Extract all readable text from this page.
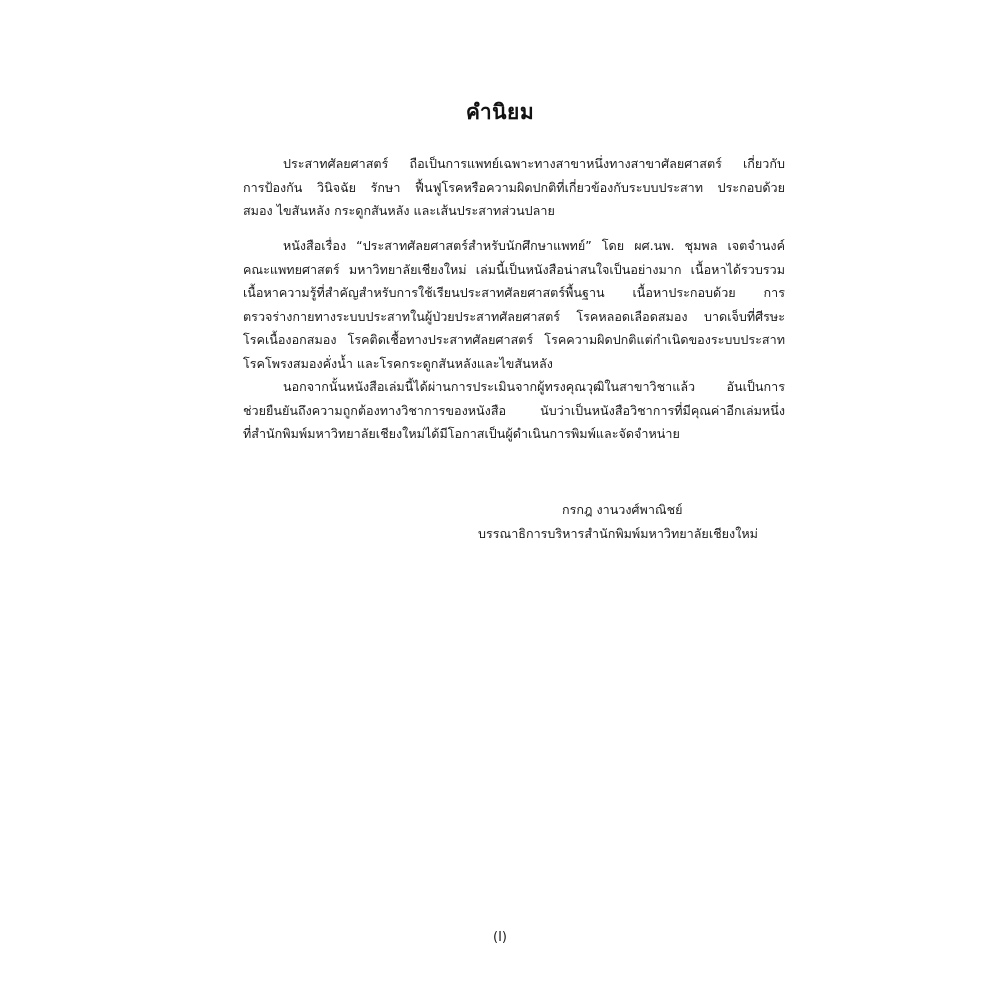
คำนิยม
ประสาทศัลยศาสตร์ ถือเป็นการแพทย์เฉพาะทางสาขาหนึ่งทางสาขาศัลยศาสตร์ เกี่ยวกับ
การป้องกัน วินิจฉัย รักษา ฟื้นฟูโรคหรือความผิดปกติที่เกี่ยวข้องกับระบบประสาท ประกอบด้วย
สมอง ไขสันหลัง กระดูกสันหลัง และเส้นประสาทส่วนปลาย
หนังสือเรื่อง “ประสาทศัลยศาสตร์สำหรับนักศึกษาแพทย์” โดย ผศ.นพ. ชุมพล เจตจำนงค์
คณะแพทยศาสตร์ มหาวิทยาลัยเชียงใหม่ เล่มนี้เป็นหนังสือน่าสนใจเป็นอย่างมาก เนื้อหาได้รวบรวม
เนื้อหาความรู้ที่สำคัญสำหรับการใช้เรียนประสาทศัลยศาสตร์พื้นฐาน เนื้อหาประกอบด้วย การ
ตรวจร่างกายทางระบบประสาทในผู้ป่วยประสาทศัลยศาสตร์ โรคหลอดเลือดสมอง บาดเจ็บที่ศีรษะ
โรคเนื้องอกสมอง โรคติดเชื้อทางประสาทศัลยศาสตร์ โรคความผิดปกติแต่กำเนิดของระบบประสาท
โรคโพรงสมองคั่งน้ำ และโรคกระดูกสันหลังและไขสันหลัง
นอกจากนั้นหนังสือเล่มนี้ได้ผ่านการประเมินจากผู้ทรงคุณวุฒิในสาขาวิชาแล้ว อันเป็นการ
ช่วยยืนยันถึงความถูกต้องทางวิชาการของหนังสือ นับว่าเป็นหนังสือวิชาการที่มีคุณค่าอีกเล่มหนึ่ง
ที่สำนักพิมพ์มหาวิทยาลัยเชียงใหม่ได้มีโอกาสเป็นผู้ดำเนินการพิมพ์และจัดจำหน่าย
กรกฎ งานวงศ์พาณิชย์
บรรณาธิการบริหารสำนักพิมพ์มหาวิทยาลัยเชียงใหม่
(I)
